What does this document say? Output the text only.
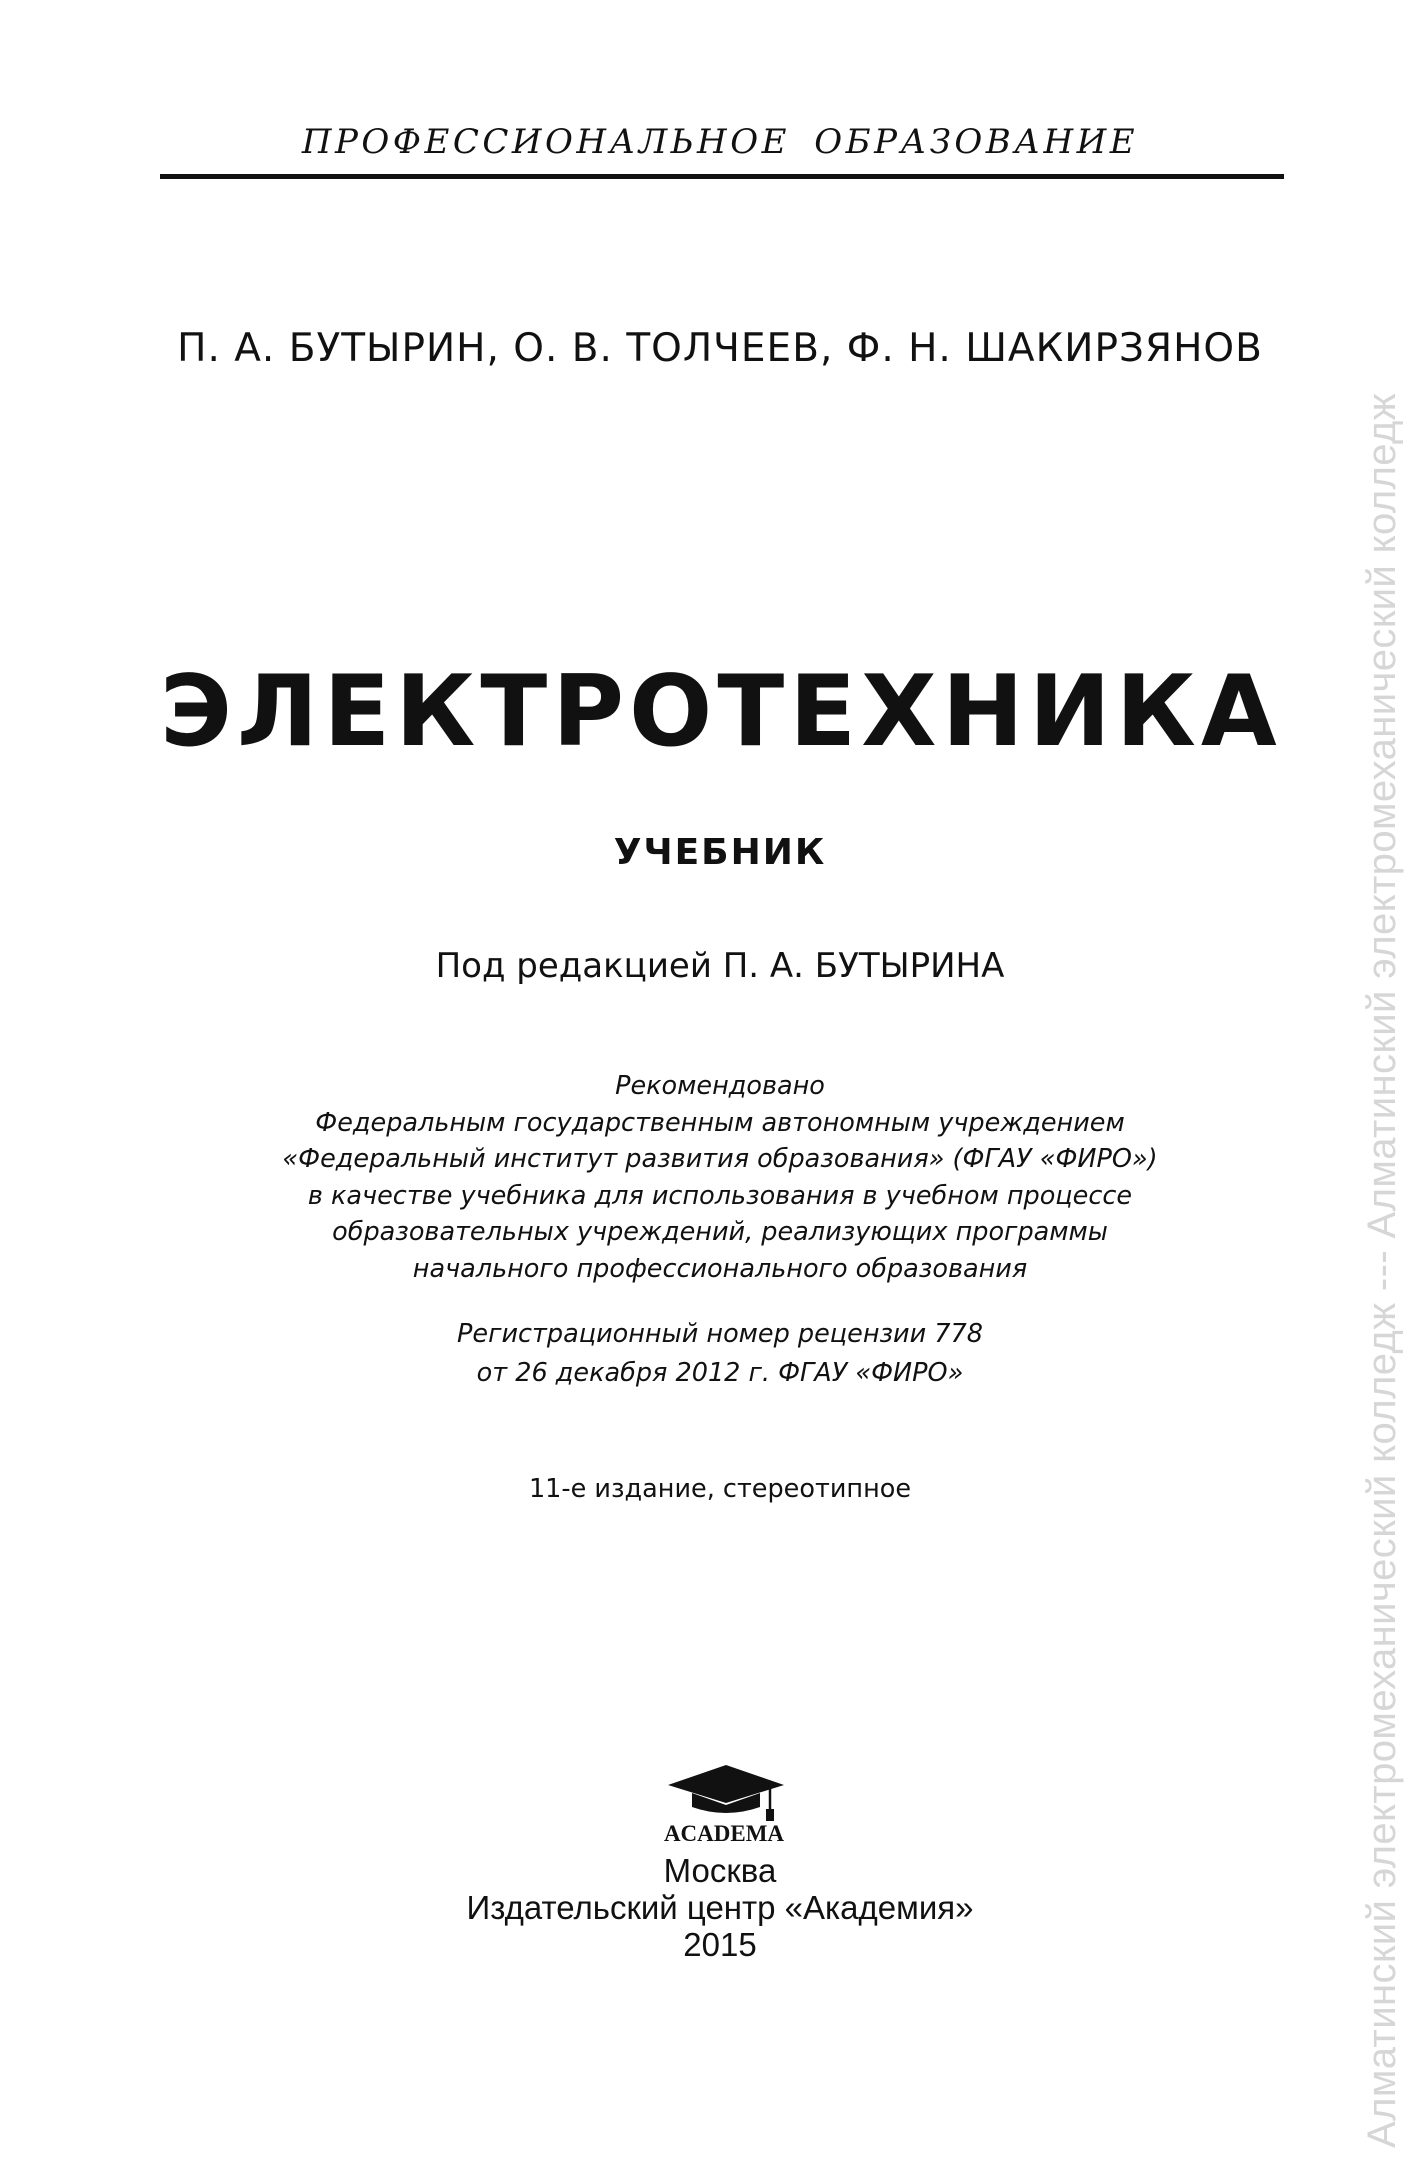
ПРОФЕССИОНАЛЬНОЕ ОБРАЗОВАНИЕ
П. А. БУТЫРИН, О. В. ТОЛЧЕЕВ, Ф. Н. ШАКИРЗЯНОВ
ЭЛЕКТРОТЕХНИКА
УЧЕБНИК
Под редакцией П. А. БУТЫРИНА
Рекомендовано
Федеральным государственным автономным учреждением
«Федеральный институт развития образования» (ФГАУ «ФИРО»)
в качестве учебника для использования в учебном процессе
образовательных учреждений, реализующих программы
начального профессионального образования
Регистрационный номер рецензии 778
от 26 декабря 2012 г. ФГАУ «ФИРО»
11-е издание, стереотипное
ACADEMA
Москва
Издательский центр «Академия»
2015	Алматинский электромеханический колледж --- Алматинский электромеханический колледж
